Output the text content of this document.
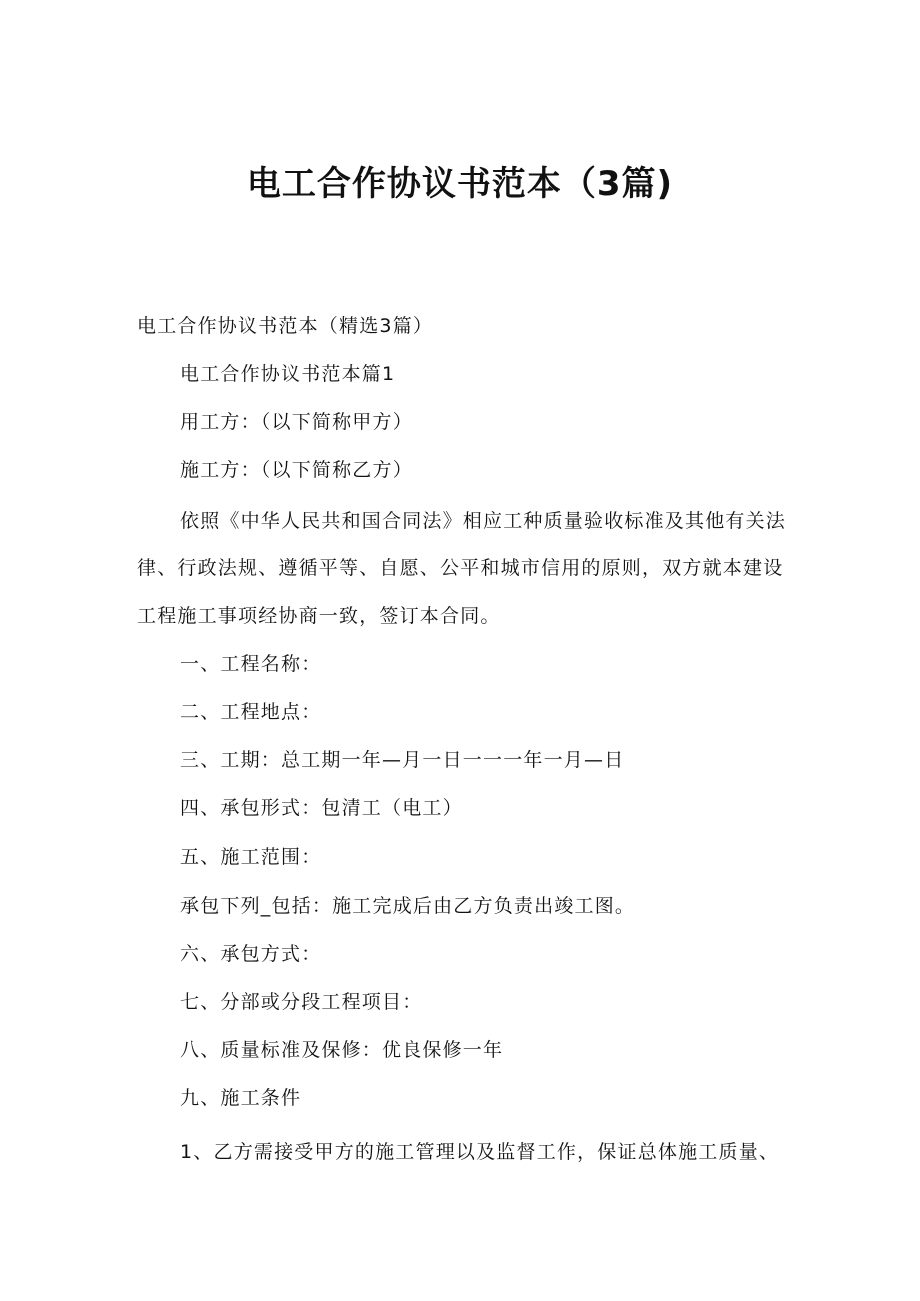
电工合作协议书范本（3篇)

电工合作协议书范本（精选3篇）

电工合作协议书范本篇1

用工方：（以下简称甲方）

施工方：（以下简称乙方）

依照《中华人民共和国合同法》相应工种质量验收标准及其他有关法

律、行政法规、遵循平等、自愿、公平和城市信用的原则，双方就本建设

工程施工事项经协商一致，签订本合同。

一、工程名称：

二、工程地点：

三、工期：总工期一年—月一日一一一年一月—日

四、承包形式：包清工（电工）

五、施工范围：

承包下列_包括：施工完成后由乙方负责出竣工图。

六、承包方式：

七、分部或分段工程项目：

八、质量标准及保修：优良保修一年

九、施工条件

1、乙方需接受甲方的施工管理以及监督工作，保证总体施工质量、
